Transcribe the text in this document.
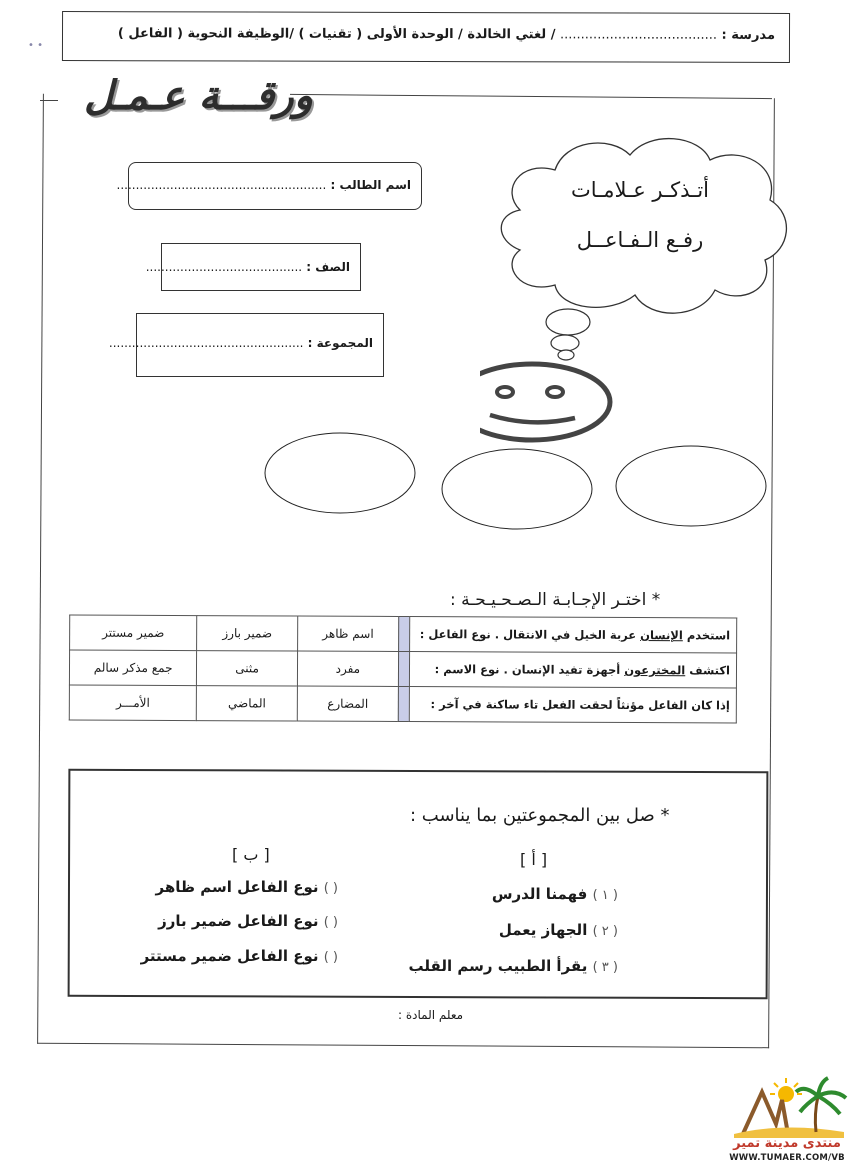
مدرسة : ...................................... / لغتي الخالدة / الوحدة الأولى ( تقنيات ) /الوظيفة النحوية ( الفاعل )
• •
ورقـــة عـمـل
اسم الطالب : .......................................................
الصف : .........................................
المجموعة : ...................................................
أتـذكـر عـلامـات
رفـع الـفـاعــل
* اختـر الإجـابـة الـصـحـيـحـة :
استخدم الإنسان عربة الخيل في الانتقال . نوع الفاعل :		اسم ظاهر	ضمير بارز	ضمير مستتر
اكتشف المخترعون أجهزة تفيد الإنسان . نوع الاسم :		مفرد	مثنى	جمع مذكر سالم
إذا كان الفاعل مؤنثاً لحقت الفعل تاء ساكنة في آخر :		المضارع	الماضي	الأمـــر
* صل بين المجموعتين بما يناسب :
[ أ ]
[ ب ]
( ١ ) فهمنا الدرس
( ٢ ) الجهاز يعمل
( ٣ ) يقرأ الطبيب رسم القلب
( ) نوع الفاعل اسم ظاهر
( ) نوع الفاعل ضمير بارز
( ) نوع الفاعل ضمير مستتر
معلم المادة :
منتدى مدينة تمير
WWW.TUMAER.COM/VB
